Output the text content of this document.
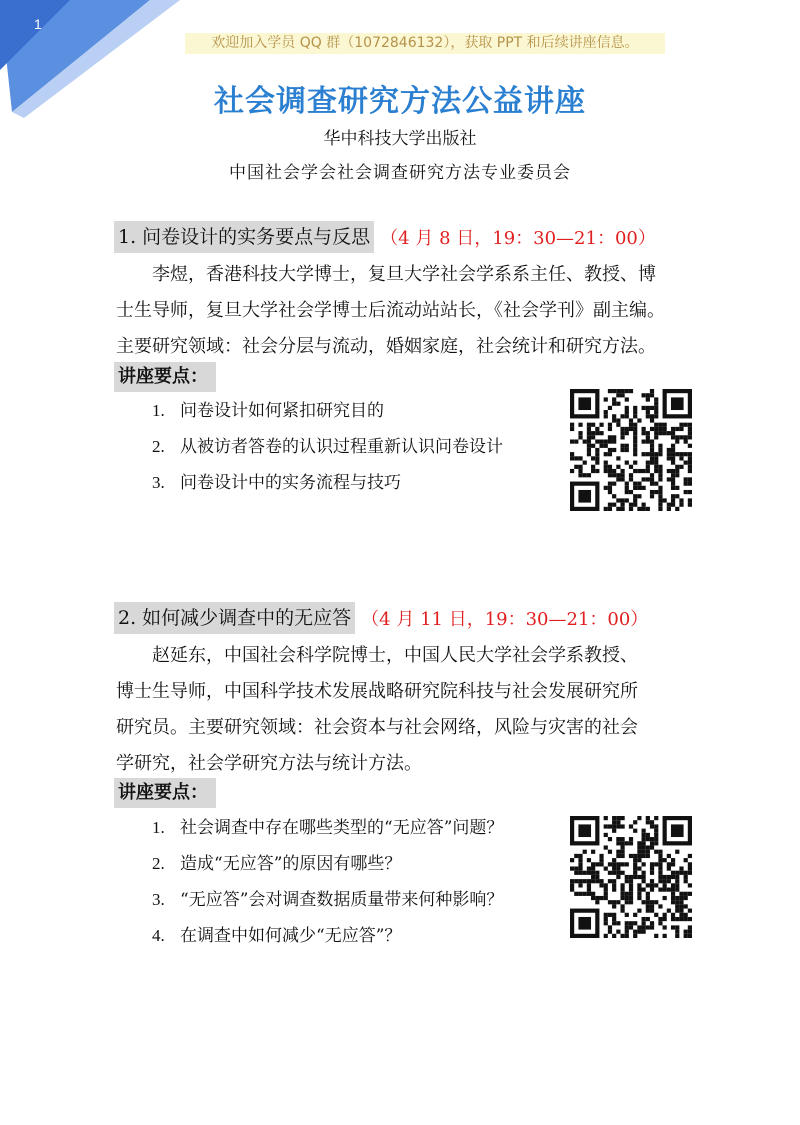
1
欢迎加入学员 QQ 群（1072846132），获取 PPT 和后续讲座信息。
社会调查研究方法公益讲座
华中科技大学出版社
中国社会学会社会调查研究方法专业委员会
1. 问卷设计的实务要点与反思 （4 月 8 日，19：30—21：00）
李煜，香港科技大学博士，复旦大学社会学系系主任、教授、博
士生导师，复旦大学社会学博士后流动站站长，《社会学刊》副主编。
主要研究领域：社会分层与流动，婚姻家庭，社会统计和研究方法。
讲座要点：
1. 问卷设计如何紧扣研究目的
2. 从被访者答卷的认识过程重新认识问卷设计
3. 问卷设计中的实务流程与技巧
2. 如何减少调查中的无应答 （4 月 11 日，19：30—21：00）
赵延东，中国社会科学院博士，中国人民大学社会学系教授、
博士生导师，中国科学技术发展战略研究院科技与社会发展研究所
研究员。主要研究领域：社会资本与社会网络，风险与灾害的社会
学研究，社会学研究方法与统计方法。
讲座要点：
1. 社会调查中存在哪些类型的“无应答”问题？
2. 造成“无应答”的原因有哪些？
3. “无应答”会对调查数据质量带来何种影响？
4. 在调查中如何减少“无应答”？
